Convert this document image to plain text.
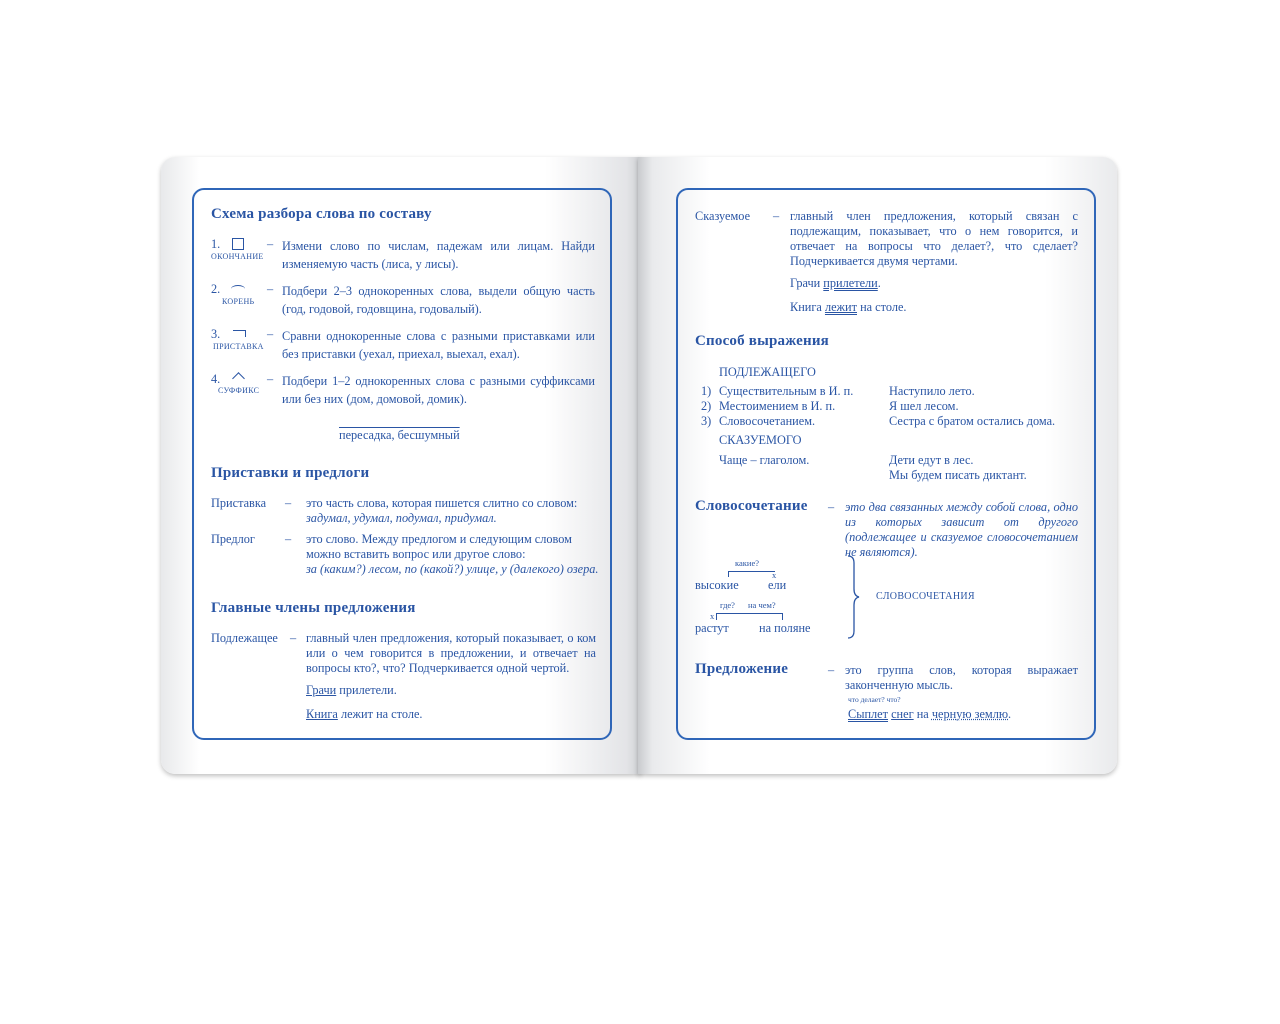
Схема разбора слова по составу
1.
ОКОНЧАНИЕ
– Измени слово по числам, падежам или лицам. Найди изменяемую часть (лиса, у лисы).
2.
КОРЕНЬ
– Подбери 2–3 однокоренных слова, выдели общую часть (год, годовой, годовщина, годовалый).
3.
ПРИСТАВКА
– Сравни однокоренные слова с разными приставками или без приставки (уехал, приехал, выехал, ехал).
4.
СУФФИКС
– Подбери 1–2 однокоренных слова с разными суффиксами или без них (дом, домовой, домик).
пересадка, бесшумный
Приставки и предлоги
Приставка – это часть слова, которая пишется слитно со словом:
задумал, удумал, подумал, придумал.
Предлог – это слово. Между предлогом и следующим словом можно вставить вопрос или другое слово:
за (каким?) лесом, по (какой?) улице, у (далекого) озера.
Главные члены предложения
Подлежащее – главный член предложения, который показывает, о ком или о чем говорится в предложении, и отвечает на вопросы кто?, что? Подчеркивается одной чертой.
Грачи прилетели.
Книга лежит на столе.
Сказуемое – главный член предложения, который связан с подлежащим, показывает, что о нем говорится, и отвечает на вопросы что делает?, что сделает? Подчеркивается двумя чертами.
Грачи прилетели.
Книга лежит на столе.
Способ выражения
ПОДЛЕЖАЩЕГО
1) Существительным в И. п.	Наступило лето.
2) Местоимением в И. п.	Я шел лесом.
3) Словосочетанием.	Сестра с братом остались дома.
СКАЗУЕМОГО
Чаще – глаголом.	Дети едут в лес.
Мы будем писать диктант.
Словосочетание – это два связанных между собой слова, одно из которых зависит от другого (подлежащее и сказуемое словосочетанием не являются).
какие?
x
высокие ели
где? на чем?
x
растут на поляне
СЛОВОСОЧЕТАНИЯ
Предложение	– это группа слов, которая выражает законченную мысль.
что делает? что?
Сыплет снег на черную землю.
